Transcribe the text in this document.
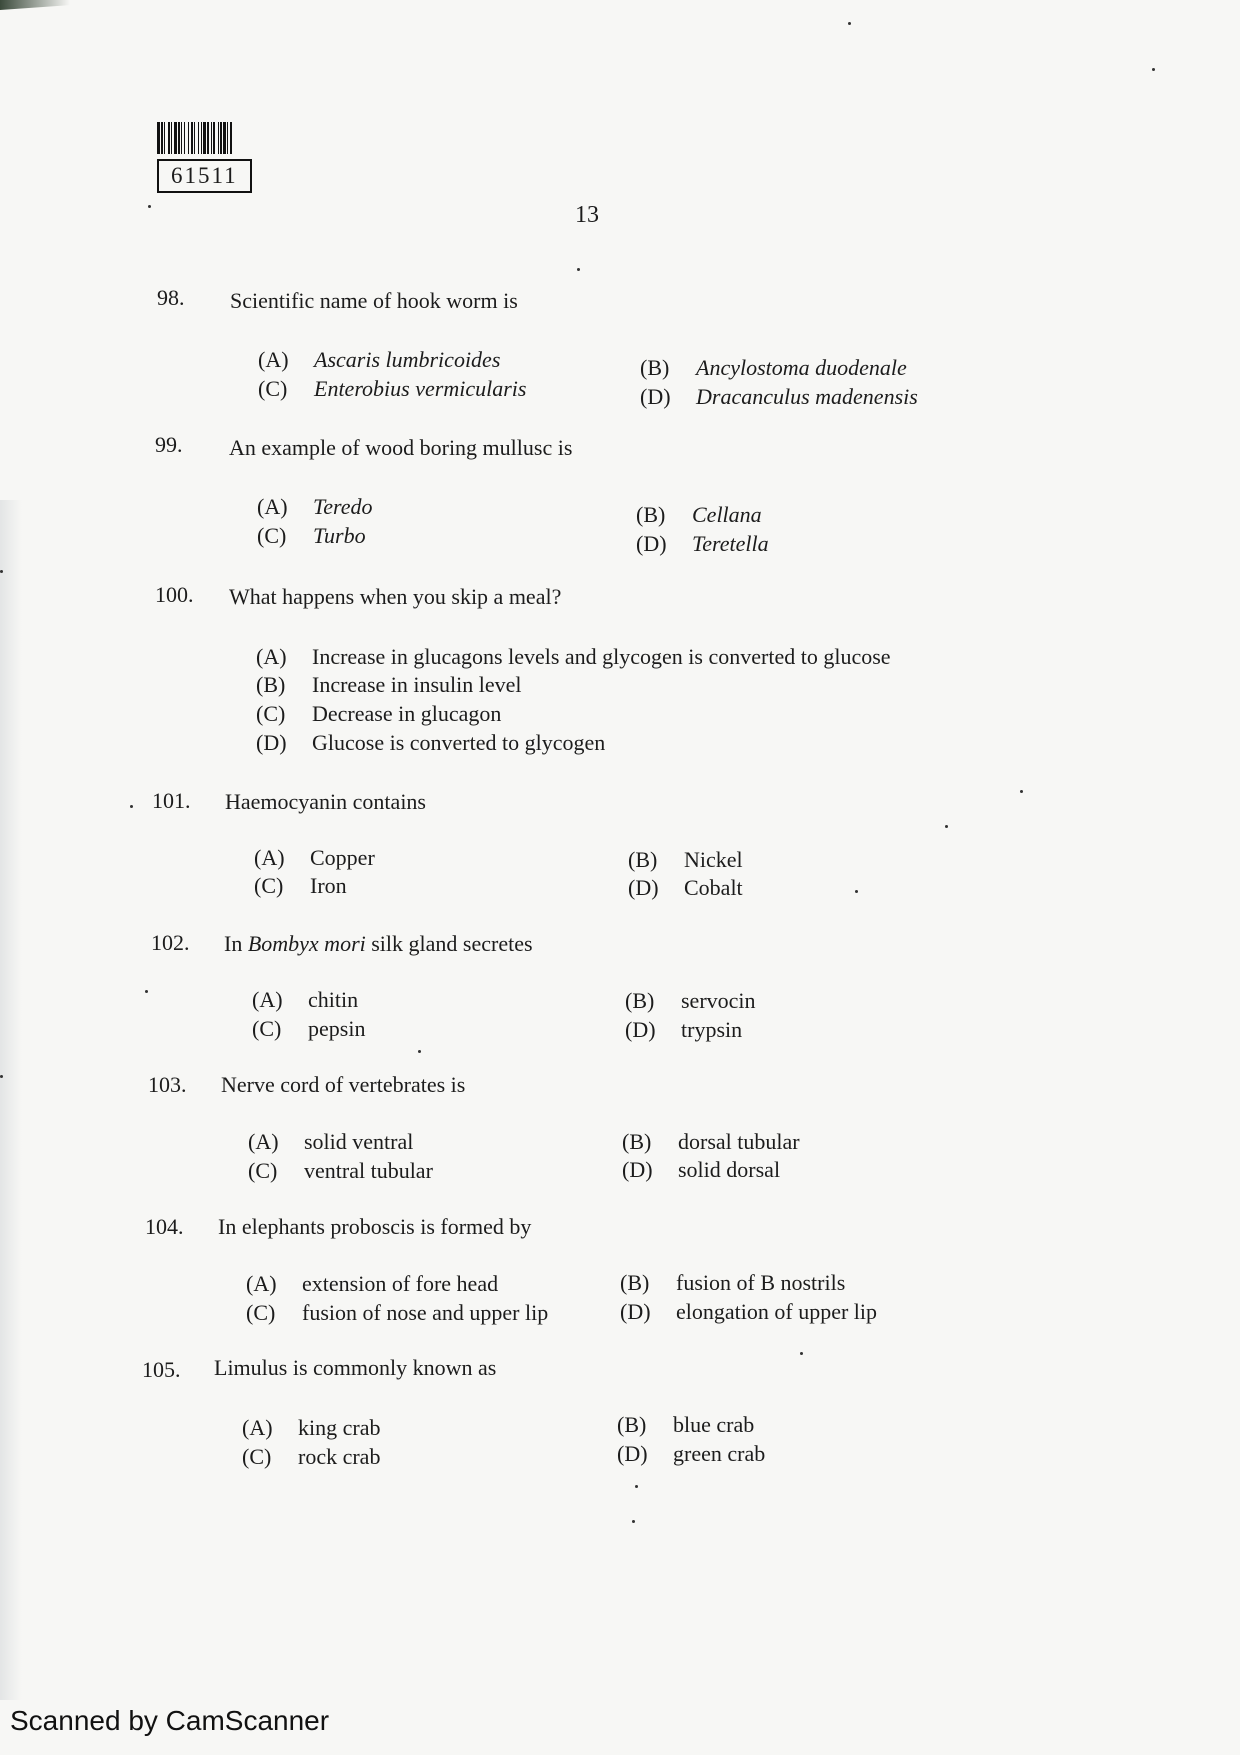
61511
13
98. Scientific name of hook worm is
(A) Ascaris lumbricoides	(B) Ancylostoma duodenale
(C) Enterobius vermicularis	(D) Dracanculus madenensis
99. An example of wood boring mullusc is
(A) Teredo	(B) Cellana
(C) Turbo	(D) Teretella
100. What happens when you skip a meal?
(A) Increase in glucagons levels and glycogen is converted to glucose
(B) Increase in insulin level
(C) Decrease in glucagon
(D) Glucose is converted to glycogen
101. Haemocyanin contains
(A) Copper	(B) Nickel
(C) Iron	(D) Cobalt
102. In Bombyx mori silk gland secretes
(A) chitin	(B) servocin
(C) pepsin	(D) trypsin
103. Nerve cord of vertebrates is
(A) solid ventral	(B) dorsal tubular
(C) ventral tubular	(D) solid dorsal
104. In elephants proboscis is formed by
(A) extension of fore head	(B) fusion of B nostrils
(C) fusion of nose and upper lip	(D) elongation of upper lip
105. Limulus is commonly known as
(A) king crab	(B) blue crab
(C) rock crab	(D) green crab
Scanned by CamScanner
